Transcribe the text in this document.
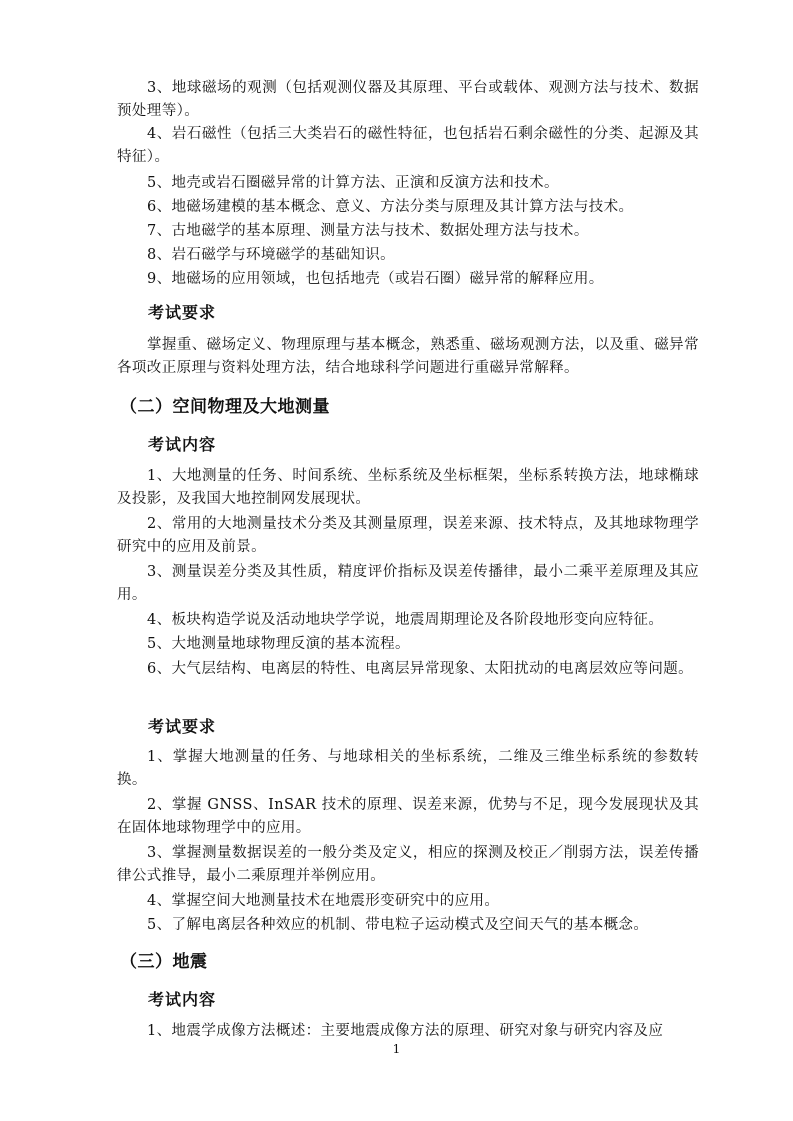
3、地球磁场的观测（包括观测仪器及其原理、平台或载体、观测方法与技术、数据预处理等）。

4、岩石磁性（包括三大类岩石的磁性特征，也包括岩石剩余磁性的分类、起源及其特征）。

5、地壳或岩石圈磁异常的计算方法、正演和反演方法和技术。

6、地磁场建模的基本概念、意义、方法分类与原理及其计算方法与技术。

7、古地磁学的基本原理、测量方法与技术、数据处理方法与技术。

8、岩石磁学与环境磁学的基础知识。

9、地磁场的应用领域，也包括地壳（或岩石圈）磁异常的解释应用。

考试要求

掌握重、磁场定义、物理原理与基本概念，熟悉重、磁场观测方法，以及重、磁异常各项改正原理与资料处理方法，结合地球科学问题进行重磁异常解释。

（二）空间物理及大地测量
考试内容

1、大地测量的任务、时间系统、坐标系统及坐标框架，坐标系转换方法，地球椭球及投影，及我国大地控制网发展现状。

2、常用的大地测量技术分类及其测量原理，误差来源、技术特点，及其地球物理学研究中的应用及前景。

3、测量误差分类及其性质，精度评价指标及误差传播律，最小二乘平差原理及其应用。

4、板块构造学说及活动地块学学说，地震周期理论及各阶段地形变向应特征。

5、大地测量地球物理反演的基本流程。

6、大气层结构、电离层的特性、电离层异常现象、太阳扰动的电离层效应等问题。

考试要求

1、掌握大地测量的任务、与地球相关的坐标系统，二维及三维坐标系统的参数转换。

2、掌握 GNSS、InSAR 技术的原理、误差来源，优势与不足，现今发展现状及其在固体地球物理学中的应用。

3、掌握测量数据误差的一般分类及定义，相应的探测及校正／削弱方法，误差传播律公式推导，最小二乘原理并举例应用。

4、掌握空间大地测量技术在地震形变研究中的应用。

5、了解电离层各种效应的机制、带电粒子运动模式及空间天气的基本概念。

（三）地震
考试内容

1、地震学成像方法概述：主要地震成像方法的原理、研究对象与研究内容及应

1
